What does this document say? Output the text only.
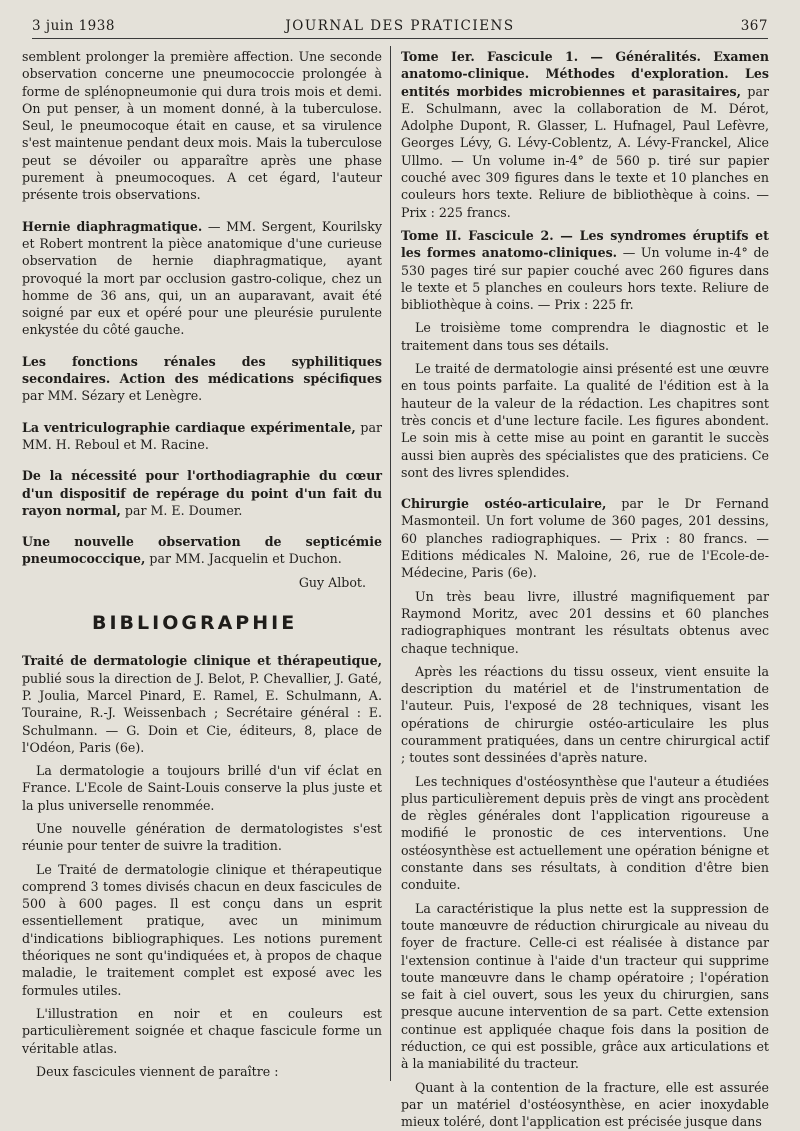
3 juin 1938	JOURNAL DES PRATICIENS	367

semblent prolonger la première affection. Une seconde observation concerne une pneumococcie prolongée à forme de splénopneumonie qui dura trois mois et demi. On put penser, à un moment donné, à la tuberculose. Seul, le pneumocoque était en cause, et sa virulence s'est maintenue pendant deux mois. Mais la tuberculose peut se dévoiler ou apparaître après une phase purement à pneumocoques. A cet égard, l'auteur présente trois observations.

Hernie diaphragmatique. — MM. Sergent, Kourilsky et Robert montrent la pièce anatomique d'une curieuse observation de hernie diaphragmatique, ayant provoqué la mort par occlusion gastro-colique, chez un homme de 36 ans, qui, un an auparavant, avait été soigné par eux et opéré pour une pleurésie purulente enkystée du côté gauche.

Les fonctions rénales des syphilitiques secondaires. Action des médications spécifiques par MM. Sézary et Lenègre.

La ventriculographie cardiaque expérimentale, par MM. H. Reboul et M. Racine.

De la nécessité pour l'orthodiagraphie du cœur d'un dispositif de repérage du point d'un fait du rayon normal, par M. E. Doumer.

Une nouvelle observation de septicémie pneumococcique, par MM. Jacquelin et Duchon.

Guy Albot.

BIBLIOGRAPHIE

Traité de dermatologie clinique et thérapeutique, publié sous la direction de J. Belot, P. Chevallier, J. Gaté, P. Joulia, Marcel Pinard, E. Ramel, E. Schulmann, A. Touraine, R.-J. Weissenbach ; Secrétaire général : E. Schulmann. — G. Doin et Cie, éditeurs, 8, place de l'Odéon, Paris (6e).

La dermatologie a toujours brillé d'un vif éclat en France. L'Ecole de Saint-Louis conserve la plus juste et la plus universelle renommée.

Une nouvelle génération de dermatologistes s'est réunie pour tenter de suivre la tradition.

Le Traité de dermatologie clinique et thérapeutique comprend 3 tomes divisés chacun en deux fascicules de 500 à 600 pages. Il est conçu dans un esprit essentiellement pratique, avec un minimum d'indications bibliographiques. Les notions purement théoriques ne sont qu'indiquées et, à propos de chaque maladie, le traitement complet est exposé avec les formules utiles.

L'illustration en noir et en couleurs est particulièrement soignée et chaque fascicule forme un véritable atlas.

Deux fascicules viennent de paraître :

Tome Ier. Fascicule 1. — Généralités. Examen anatomo-clinique. Méthodes d'exploration. Les entités morbides microbiennes et parasitaires, par E. Schulmann, avec la collaboration de M. Dérot, Adolphe Dupont, R. Glasser, L. Hufnagel, Paul Lefèvre, Georges Lévy, G. Lévy-Coblentz, A. Lévy-Franckel, Alice Ullmo. — Un volume in-4° de 560 p. tiré sur papier couché avec 309 figures dans le texte et 10 planches en couleurs hors texte. Reliure de bibliothèque à coins. — Prix : 225 francs.

Tome II. Fascicule 2. — Les syndromes éruptifs et les formes anatomo-cliniques. — Un volume in-4° de 530 pages tiré sur papier couché avec 260 figures dans le texte et 5 planches en couleurs hors texte. Reliure de bibliothèque à coins. — Prix : 225 fr.

Le troisième tome comprendra le diagnostic et le traitement dans tous ses détails.

Le traité de dermatologie ainsi présenté est une œuvre en tous points parfaite. La qualité de l'édition est à la hauteur de la valeur de la rédaction. Les chapitres sont très concis et d'une lecture facile. Les figures abondent. Le soin mis à cette mise au point en garantit le succès aussi bien auprès des spécialistes que des praticiens. Ce sont des livres splendides.

Chirurgie ostéo-articulaire, par le Dr Fernand Masmonteil. Un fort volume de 360 pages, 201 dessins, 60 planches radiographiques. — Prix : 80 francs. — Editions médicales N. Maloine, 26, rue de l'Ecole-de-Médecine, Paris (6e).

Un très beau livre, illustré magnifiquement par Raymond Moritz, avec 201 dessins et 60 planches radiographiques montrant les résultats obtenus avec chaque technique.

Après les réactions du tissu osseux, vient ensuite la description du matériel et de l'instrumentation de l'auteur. Puis, l'exposé de 28 techniques, visant les opérations de chirurgie ostéo-articulaire les plus couramment pratiquées, dans un centre chirurgical actif ; toutes sont dessinées d'après nature.

Les techniques d'ostéosynthèse que l'auteur a étudiées plus particulièrement depuis près de vingt ans procèdent de règles générales dont l'application rigoureuse a modifié le pronostic de ces interventions. Une ostéosynthèse est actuellement une opération bénigne et constante dans ses résultats, à condition d'être bien conduite.

La caractéristique la plus nette est la suppression de toute manœuvre de réduction chirurgicale au niveau du foyer de fracture. Celle-ci est réalisée à distance par l'extension continue à l'aide d'un tracteur qui supprime toute manœuvre dans le champ opératoire ; l'opération se fait à ciel ouvert, sous les yeux du chirurgien, sans presque aucune intervention de sa part. Cette extension continue est appliquée chaque fois dans la position de réduction, ce qui est possible, grâce aux articulations et à la maniabilité du tracteur.

Quant à la contention de la fracture, elle est assurée par un matériel d'ostéosynthèse, en acier inoxydable mieux toléré, dont l'application est précisée jusque dans
